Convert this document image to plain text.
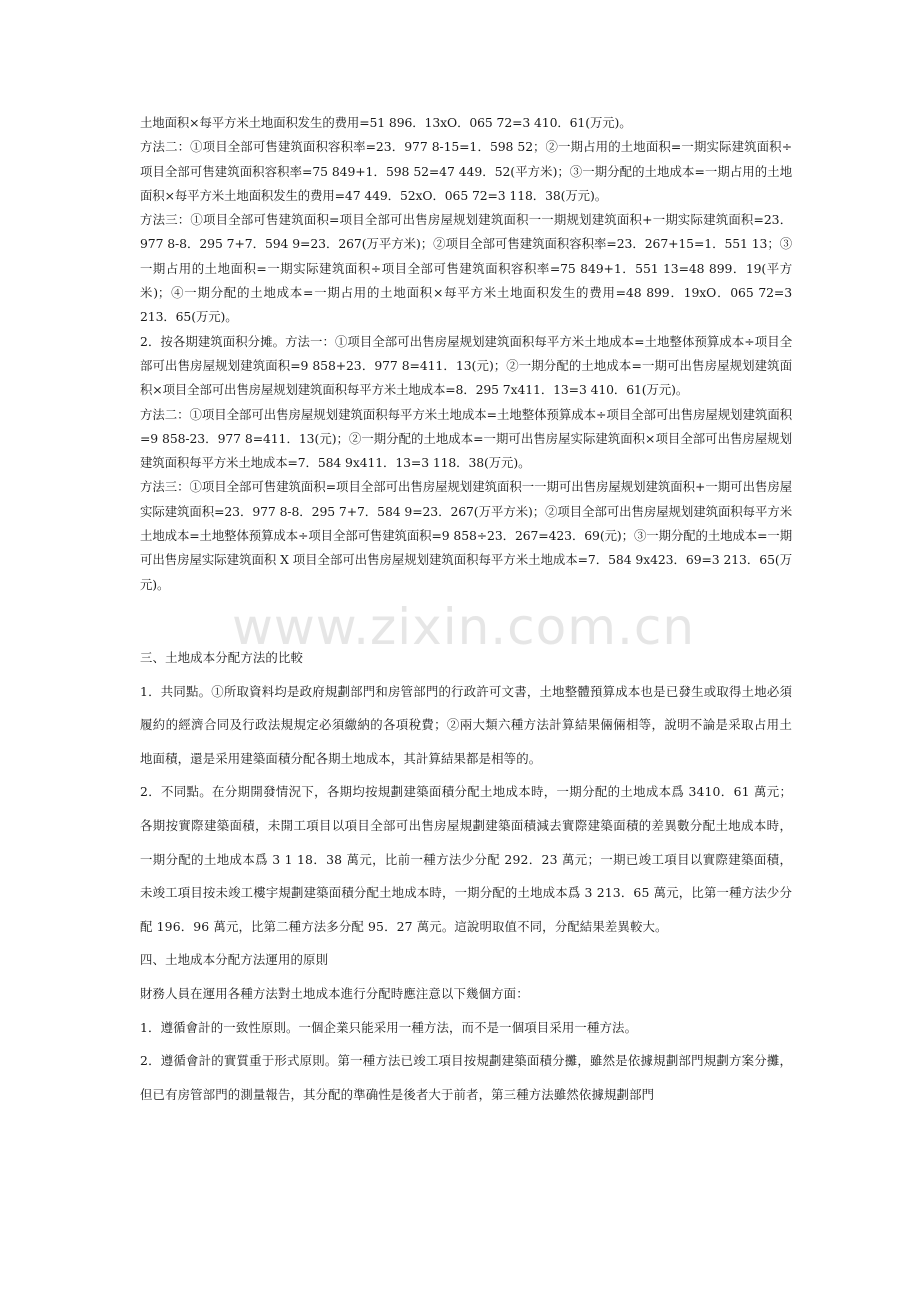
土地面积×每平方米土地面积发生的费用=51 896．13xO．065 72=3 410．61(万元)。

方法二：①项目全部可售建筑面积容积率=23．977 8-15=1．598 52；②一期占用的土地面积=一期实际建筑面积÷项目全部可售建筑面积容积率=75 849+1．598 52=47 449．52(平方米)；③一期分配的土地成本=一期占用的土地面积×每平方米土地面积发生的费用=47 449．52xO．065 72=3 118．38(万元)。

方法三：①项目全部可售建筑面积=项目全部可出售房屋规划建筑面积一一期规划建筑面积+一期实际建筑面积=23．977 8-8．295 7+7．594 9=23．267(万平方米)；②项目全部可售建筑面积容积率=23．267+15=1．551 13；③一期占用的土地面积=一期实际建筑面积÷项目全部可售建筑面积容积率=75 849+1．551 13=48 899．19(平方米)；④一期分配的土地成本=一期占用的土地面积×每平方米土地面积发生的费用=48 899．19xO．065 72=3 213．65(万元)。

2．按各期建筑面积分摊。方法一：①项目全部可出售房屋规划建筑面积每平方米土地成本=土地整体预算成本÷项目全部可出售房屋规划建筑面积=9 858+23．977 8=411．13(元)；②一期分配的土地成本=一期可出售房屋规划建筑面积×项目全部可出售房屋规划建筑面积每平方米土地成本=8．295 7x411．13=3 410．61(万元)。

方法二：①项目全部可出售房屋规划建筑面积每平方米土地成本=土地整体预算成本÷项目全部可出售房屋规划建筑面积=9 858-23．977 8=411．13(元)；②一期分配的土地成本=一期可出售房屋实际建筑面积×项目全部可出售房屋规划建筑面积每平方米土地成本=7．584 9x411．13=3 118．38(万元)。

方法三：①项目全部可售建筑面积=项目全部可出售房屋规划建筑面积一一期可出售房屋规划建筑面积+一期可出售房屋实际建筑面积=23．977 8-8．295 7+7．584 9=23．267(万平方米)；②项目全部可出售房屋规划建筑面积每平方米土地成本=土地整体预算成本÷项目全部可售建筑面积=9 858÷23．267=423．69(元)；③一期分配的土地成本=一期可出售房屋实际建筑面积 X 项目全部可出售房屋规划建筑面积每平方米土地成本=7．584 9x423．69=3 213．65(万元)。

三、土地成本分配方法的比較

1．共同點。①所取資料均是政府規劃部門和房管部門的行政許可文書，土地整體預算成本也是已發生或取得土地必須履約的經濟合同及行政法規規定必須繳納的各項稅費；②兩大類六種方法計算結果倆倆相等，說明不論是采取占用土地面積，還是采用建築面積分配各期土地成本，其計算結果都是相等的。

2．不同點。在分期開發情況下，各期均按規劃建築面積分配土地成本時，一期分配的土地成本爲 3410．61 萬元；各期按實際建築面積，未開工項目以項目全部可出售房屋規劃建築面積減去實際建築面積的差異數分配土地成本時，一期分配的土地成本爲 3 1 18．38 萬元，比前一種方法少分配 292．23 萬元；一期已竣工項目以實際建築面積，未竣工項目按未竣工樓宇規劃建築面積分配土地成本時，一期分配的土地成本爲 3 213．65 萬元，比第一種方法少分配 196．96 萬元，比第二種方法多分配 95．27 萬元。這說明取值不同，分配結果差異較大。

四、土地成本分配方法運用的原則

財務人員在運用各種方法對土地成本進行分配時應注意以下幾個方面：

1．遵循會計的一致性原則。一個企業只能采用一種方法，而不是一個項目采用一種方法。

2．遵循會計的實質重于形式原則。第一種方法已竣工項目按規劃建築面積分攤，雖然是依據規劃部門規劃方案分攤，但已有房管部門的測量報告，其分配的準确性是後者大于前者，第三種方法雖然依據規劃部門

www.zixin.com.cn
